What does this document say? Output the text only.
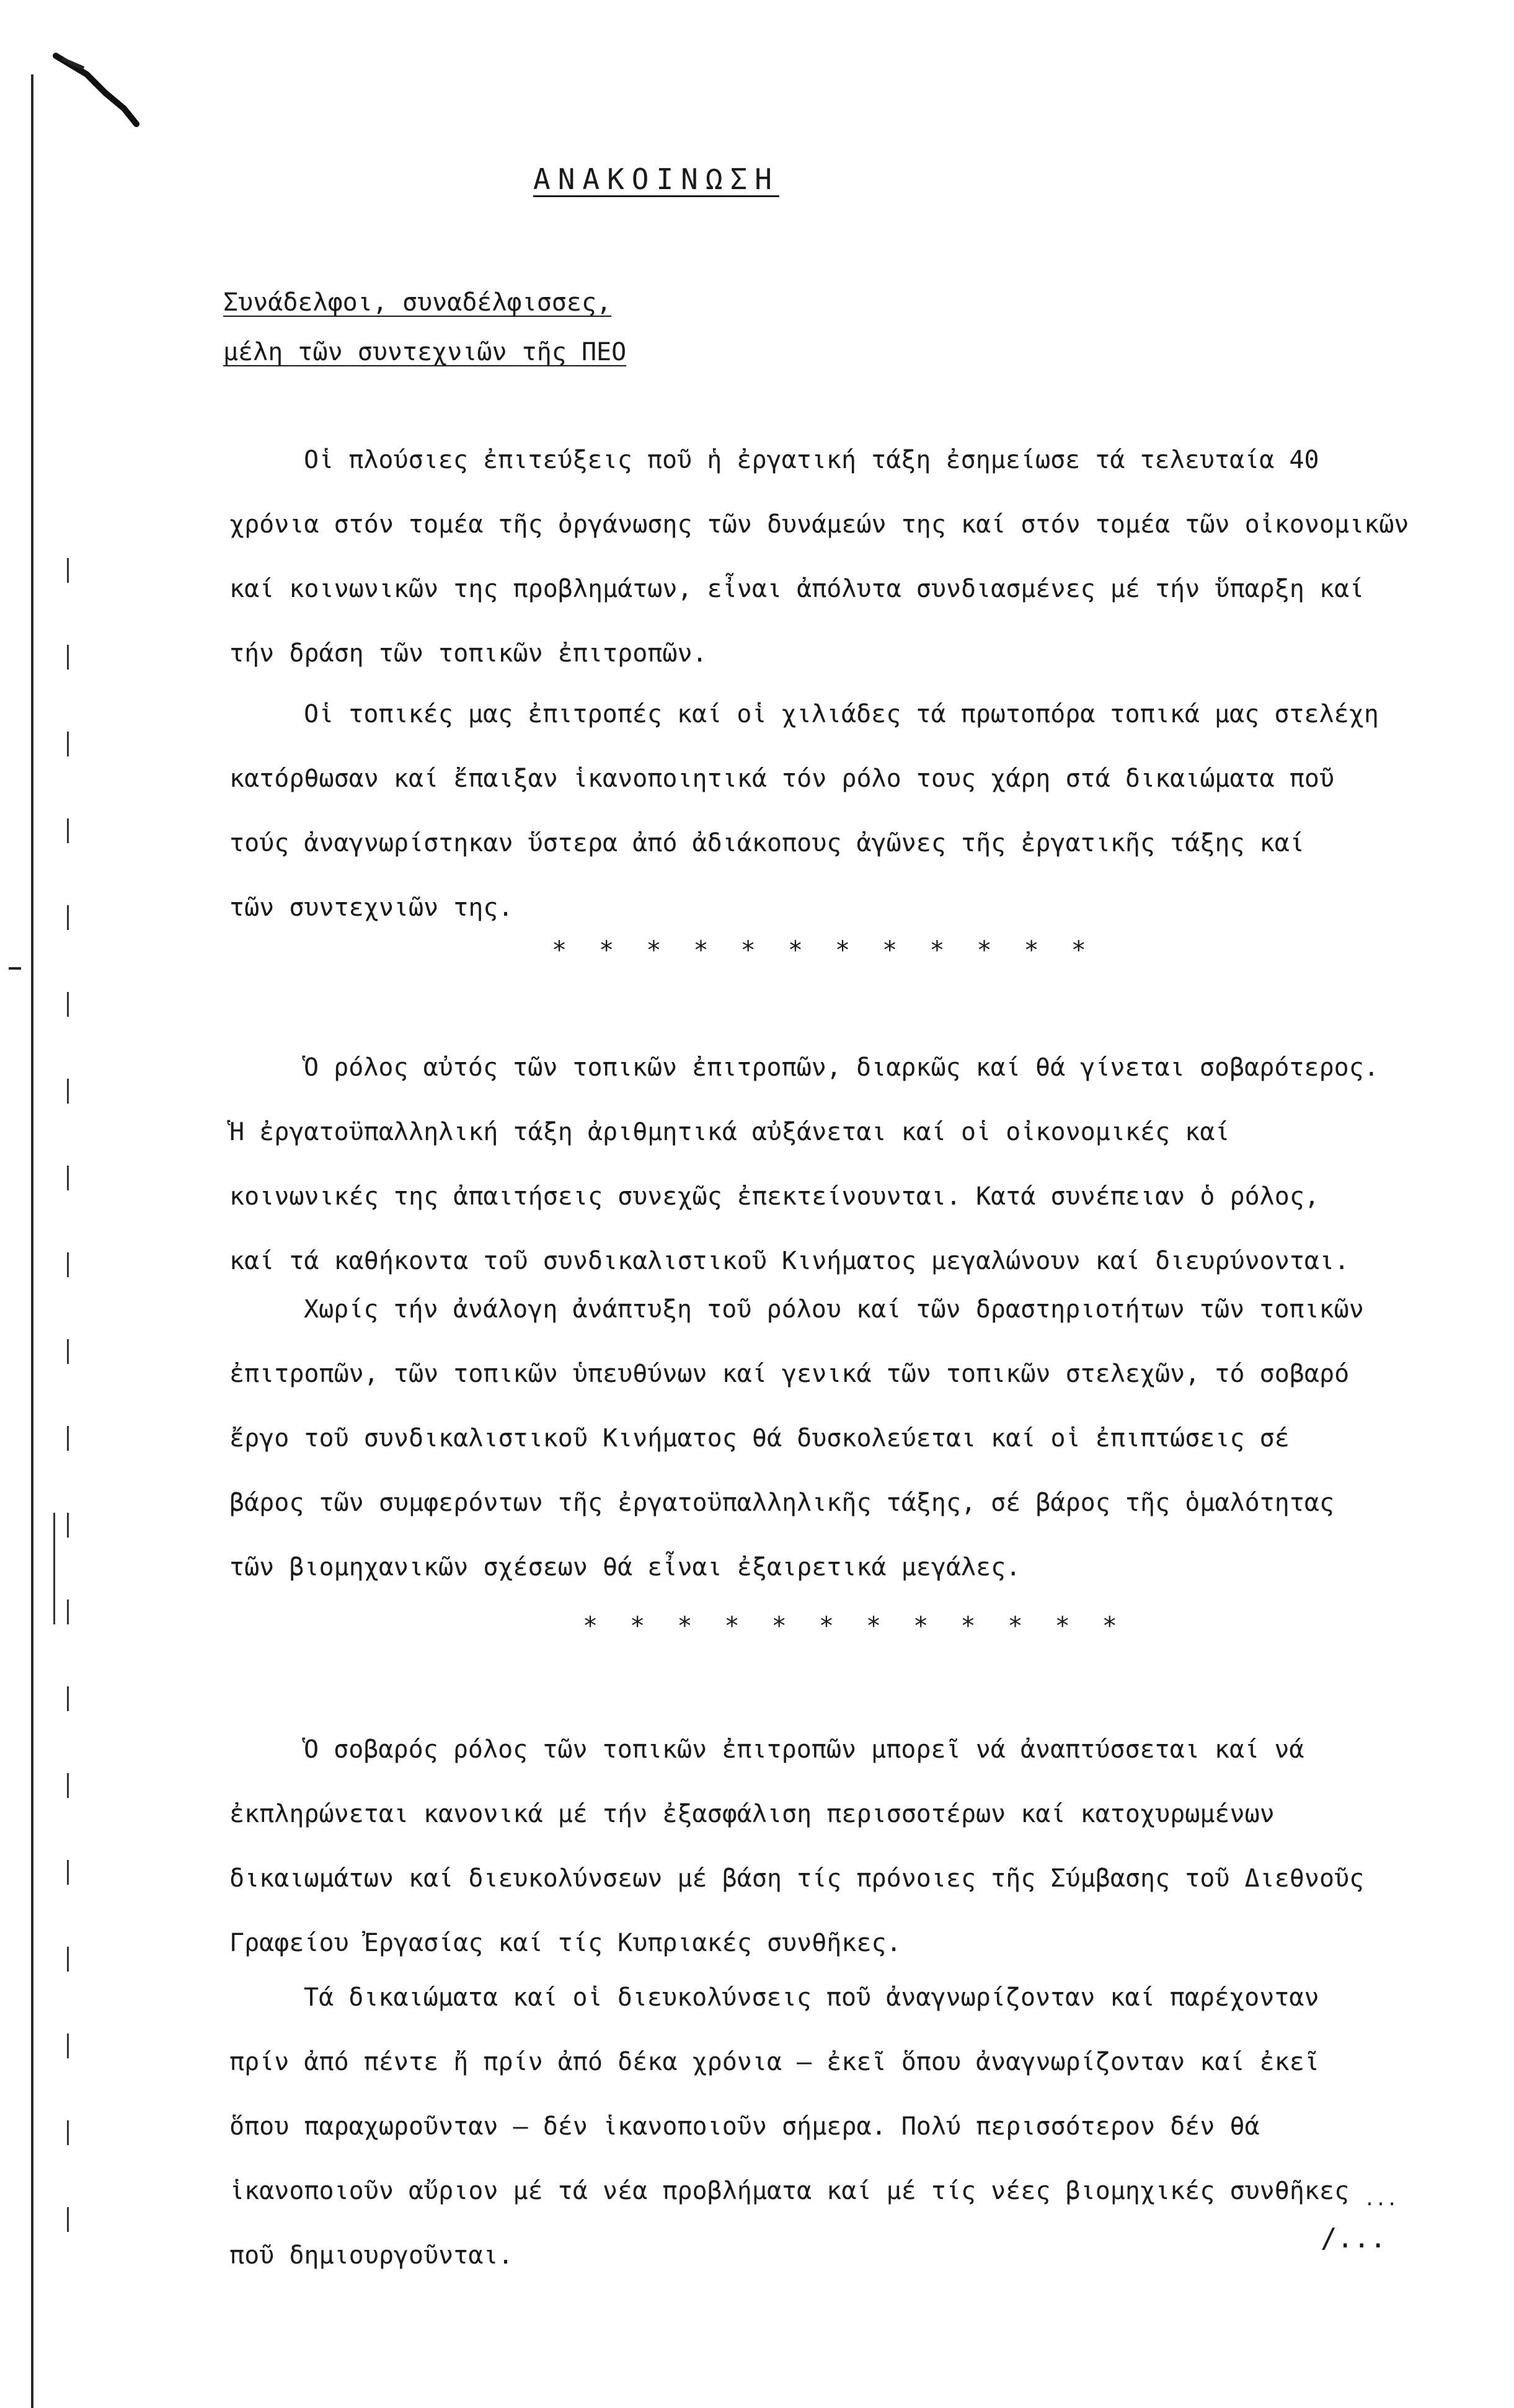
ΑΝΑΚΟΙΝΩΣΗ
Συνάδελφοι, συναδέλφισσες,
μέλη τῶν συντεχνιῶν τῆς ΠΕΟ
Οἱ πλούσιες ἐπιτεύξεις ποῦ ἡ ἐργατική τάξη ἐσημείωσε τά τελευταία 40
χρόνια στόν τομέα τῆς ὀργάνωσης τῶν δυνάμεών της καί στόν τομέα τῶν οἰκονομικῶν
καί κοινωνικῶν της προβλημάτων, εἶναι ἀπόλυτα συνδιασμένες μέ τήν ὕπαρξη καί
τήν δράση τῶν τοπικῶν ἐπιτροπῶν.
Οἱ τοπικές μας ἐπιτροπές καί οἱ χιλιάδες τά πρωτοπόρα τοπικά μας στελέχη
κατόρθωσαν καί ἔπαιξαν ἱκανοποιητικά τόν ρόλο τους χάρη στά δικαιώματα ποῦ
τούς ἀναγνωρίστηκαν ὕστερα ἀπό ἀδιάκοπους ἀγῶνες τῆς ἐργατικῆς τάξης καί
τῶν συντεχνιῶν της.
* * * * * * * * * * * *
Ὁ ρόλος αὐτός τῶν τοπικῶν ἐπιτροπῶν, διαρκῶς καί θά γίνεται σοβαρότερος.
Ἡ ἐργατοϋπαλληλική τάξη ἀριθμητικά αὐξάνεται καί οἱ οἰκονομικές καί
κοινωνικές της ἀπαιτήσεις συνεχῶς ἐπεκτείνουνται. Κατά συνέπειαν ὁ ρόλος,
καί τά καθήκοντα τοῦ συνδικαλιστικοῦ Κινήματος μεγαλώνουν καί διευρύνονται.
Χωρίς τήν ἀνάλογη ἀνάπτυξη τοῦ ρόλου καί τῶν δραστηριοτήτων τῶν τοπικῶν
ἐπιτροπῶν, τῶν τοπικῶν ὑπευθύνων καί γενικά τῶν τοπικῶν στελεχῶν, τό σοβαρό
ἔργο τοῦ συνδικαλιστικοῦ Κινήματος θά δυσκολεύεται καί οἱ ἐπιπτώσεις σέ
βάρος τῶν συμφερόντων τῆς ἐργατοϋπαλληλικῆς τάξης, σέ βάρος τῆς ὁμαλότητας
τῶν βιομηχανικῶν σχέσεων θά εἶναι ἐξαιρετικά μεγάλες.
* * * * * * * * * * * *
Ὁ σοβαρός ρόλος τῶν τοπικῶν ἐπιτροπῶν μπορεῖ νά ἀναπτύσσεται καί νά
ἐκπληρώνεται κανονικά μέ τήν ἐξασφάλιση περισσοτέρων καί κατοχυρωμένων
δικαιωμάτων καί διευκολύνσεων μέ βάση τίς πρόνοιες τῆς Σύμβασης τοῦ Διεθνοῦς
Γραφείου Ἐργασίας καί τίς Κυπριακές συνθῆκες.
Τά δικαιώματα καί οἱ διευκολύνσεις ποῦ ἀναγνωρίζονταν καί παρέχονταν
πρίν ἀπό πέντε ἤ πρίν ἀπό δέκα χρόνια – ἐκεῖ ὅπου ἀναγνωρίζονταν καί ἐκεῖ
ὅπου παραχωροῦνταν – δέν ἱκανοποιοῦν σήμερα. Πολύ περισσότερον δέν θά
ἱκανοποιοῦν αὔριον μέ τά νέα προβλήματα καί μέ τίς νέες βιομηχικές συνθῆκες
ποῦ δημιουργοῦνται.
...
/...
